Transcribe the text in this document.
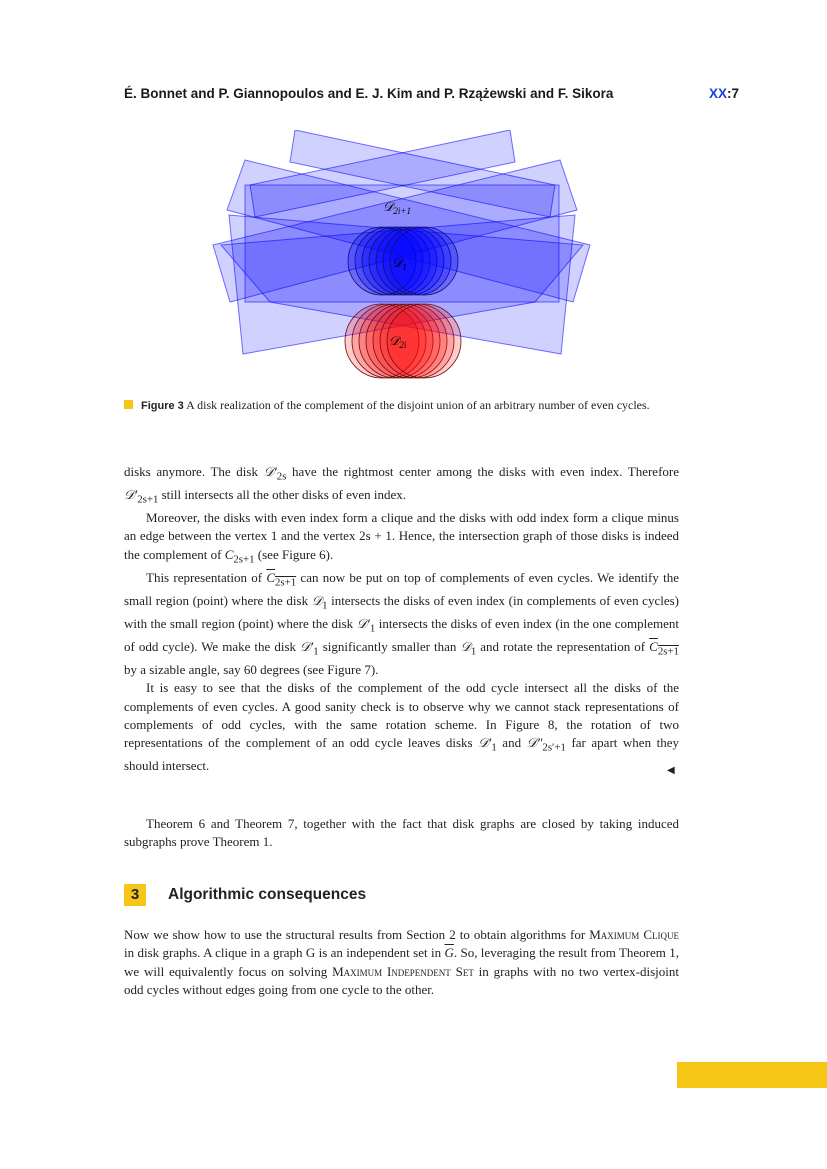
É. Bonnet and P. Giannopoulos and E. J. Kim and P. Rzążewski and F. Sikora	XX:7
𝒟$_{2i+1}$
𝒟$_1$
𝒟$_{2i}$
Figure 3 A disk realization of the complement of the disjoint union of an arbitrary number of even cycles.

disks anymore. The disk $𝒟'_{2s}$ have the rightmost center among the disks with even index. Therefore $𝒟'_{2s+1}$ still intersects all the other disks of even index.

Moreover, the disks with even index form a clique and the disks with odd index form a clique minus an edge between the vertex 1 and the vertex 2s + 1. Hence, the intersection graph of those disks is indeed the complement of $C_{2s+1}$ (see Figure 6).

This representation of $C_{2s+1}$ can now be put on top of complements of even cycles. We identify the small region (point) where the disk 𝒟$_1$ intersects the disks of even index (in complements of even cycles) with the small region (point) where the disk $𝒟'_1$ intersects the disks of even index (in the one complement of odd cycle). We make the disk $𝒟'_1$ significantly smaller than 𝒟$_1$ and rotate the representation of $C_{2s+1}$ by a sizable angle, say 60 degrees (see Figure 7).

It is easy to see that the disks of the complement of the odd cycle intersect all the disks of the complements of even cycles. A good sanity check is to observe why we cannot stack representations of complements of odd cycles, with the same rotation scheme. In Figure 8, the rotation of two representations of the complement of an odd cycle leaves disks $𝒟'_1$ and $𝒟''_{2s'+1}$ far apart when they should intersect.	◀

Theorem 6 and Theorem 7, together with the fact that disk graphs are closed by taking induced subgraphs prove Theorem 1.

3	Algorithmic consequences

Now we show how to use the structural results from Section 2 to obtain algorithms for Maximum Clique in disk graphs. A clique in a graph G is an independent set in $\overline{G}$. So, leveraging the result from Theorem 1, we will equivalently focus on solving Maximum Independent Set in graphs with no two vertex-disjoint odd cycles without edges going from one cycle to the other.
